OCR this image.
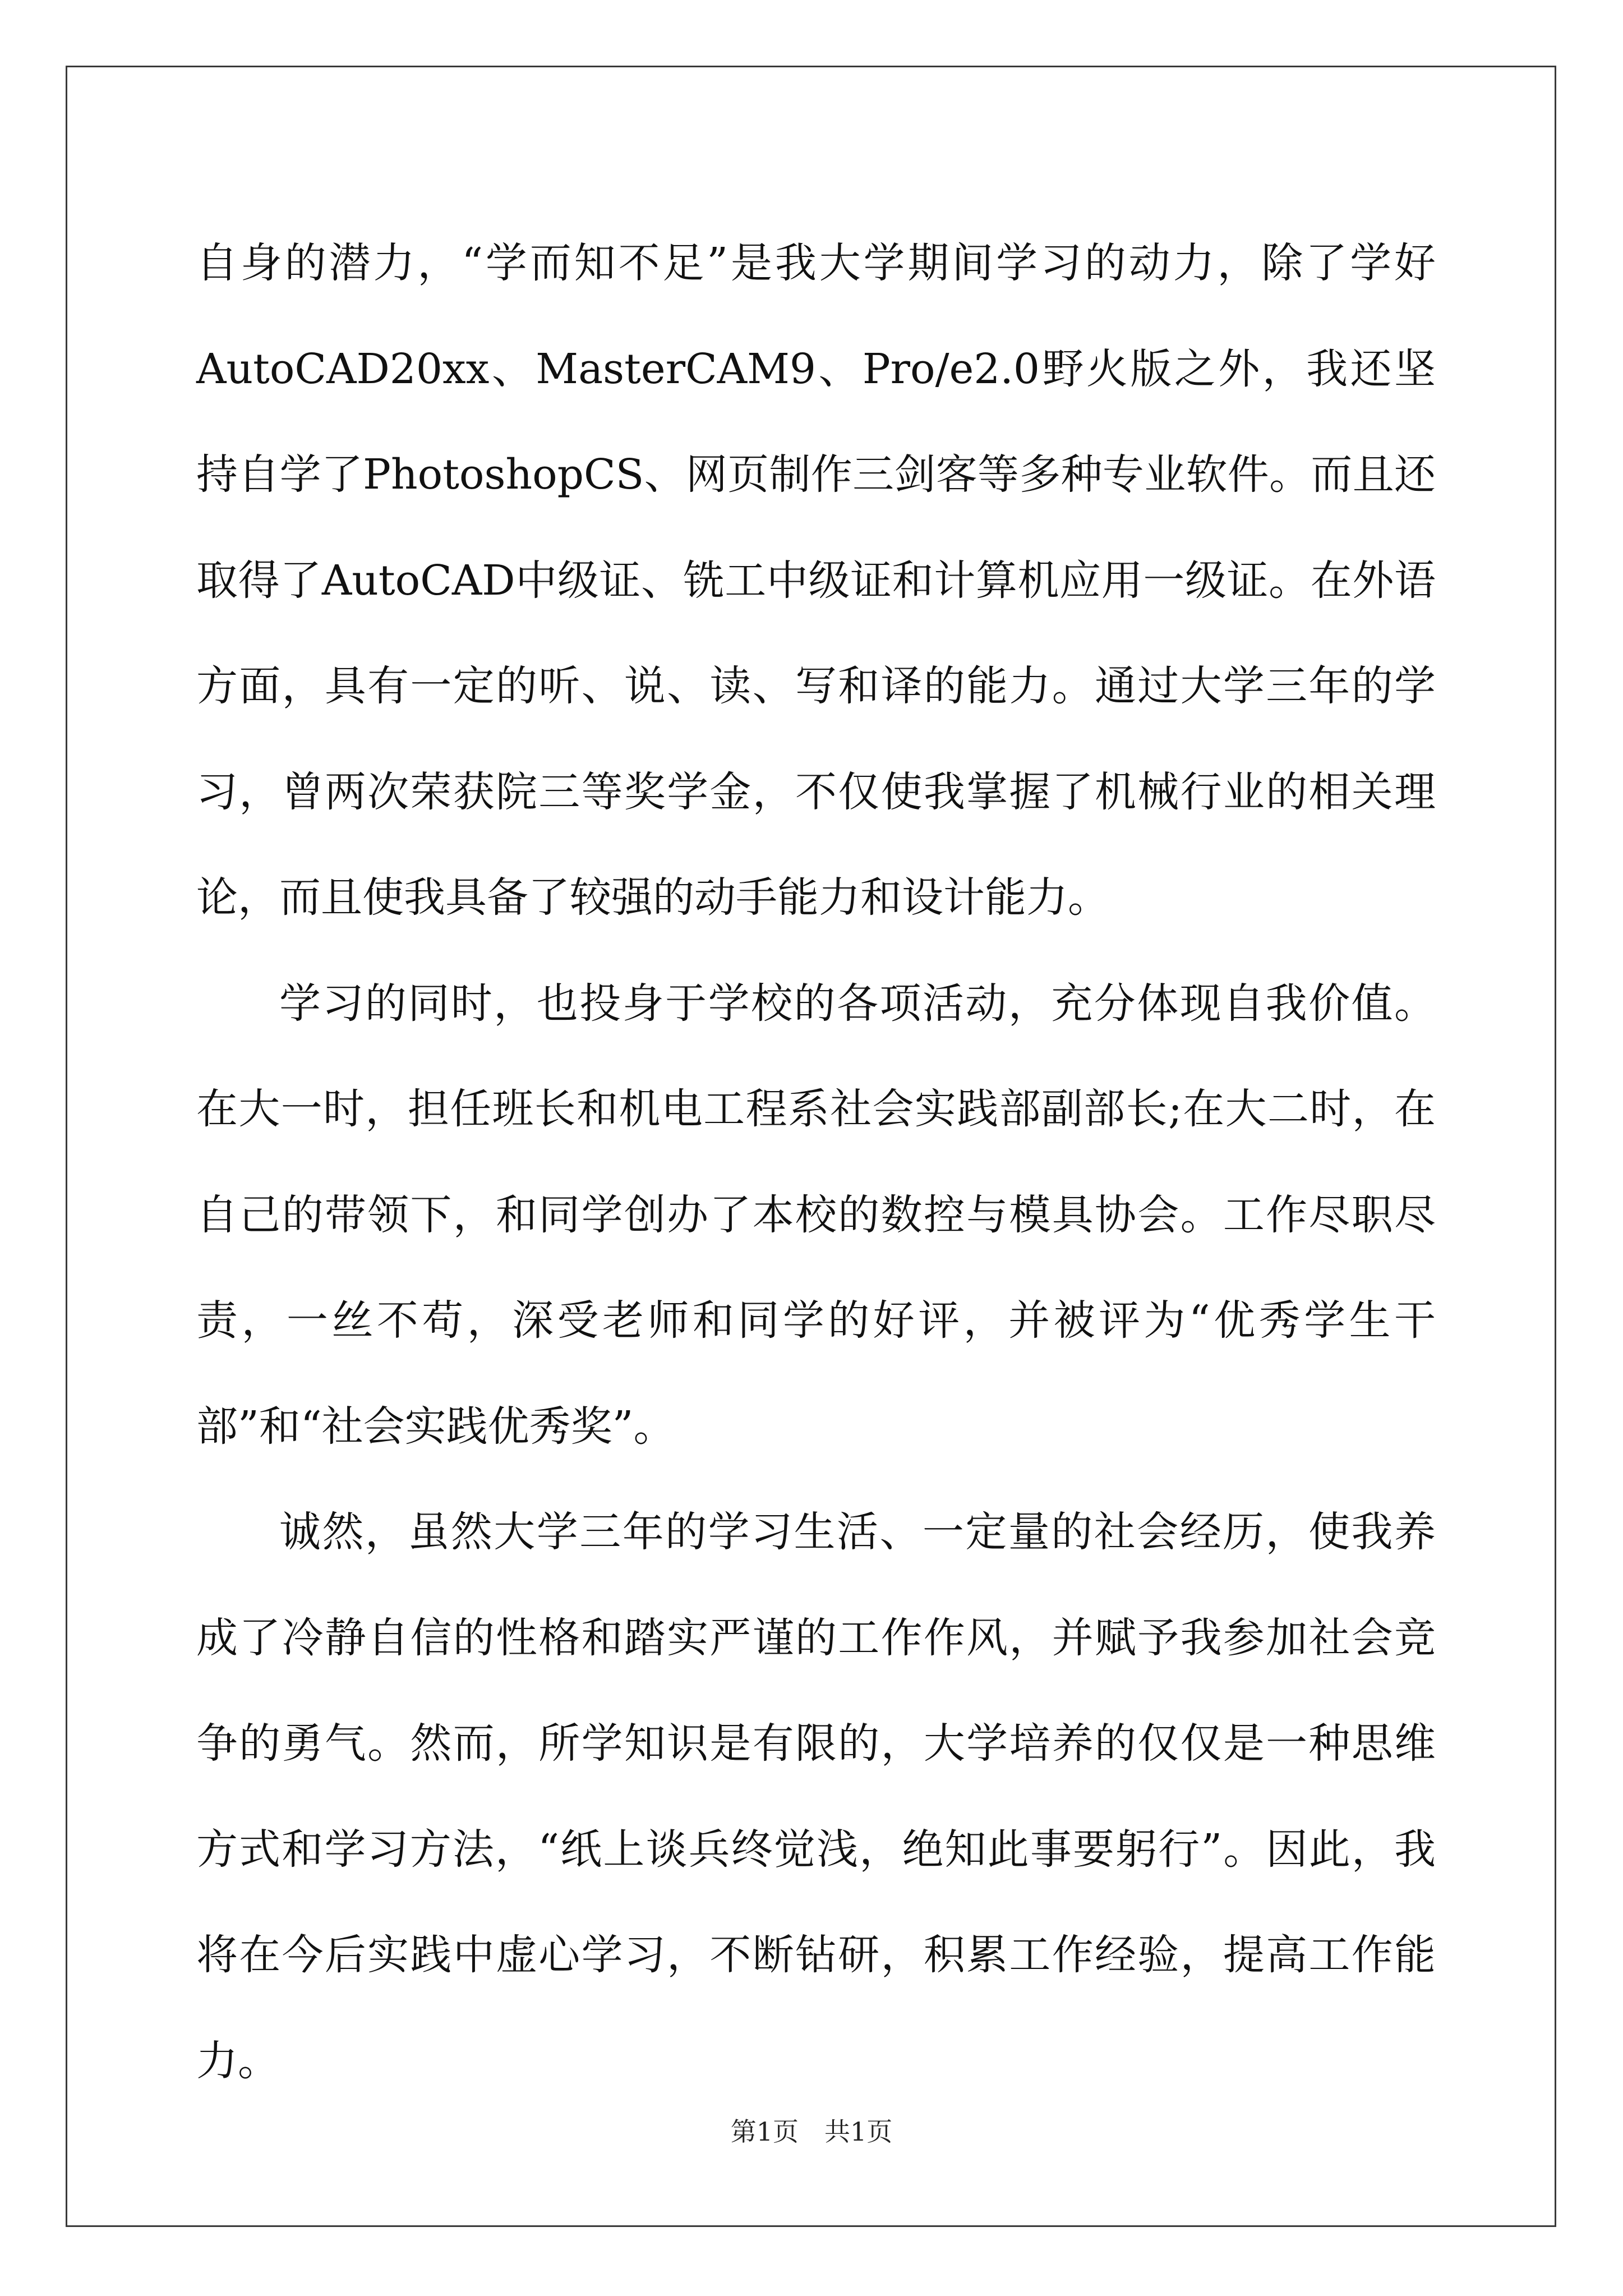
自身的潜力，“学而知不足”是我大学期间学习的动力，除了学好AutoCAD20xx、MasterCAM9、Pro/e2.0野火版之外，我还坚持自学了PhotoshopCS、网页制作三剑客等多种专业软件。而且还取得了AutoCAD中级证、铣工中级证和计算机应用一级证。在外语方面，具有一定的听、说、读、写和译的能力。通过大学三年的学习，曾两次荣获院三等奖学金，不仅使我掌握了机械行业的相关理论，而且使我具备了较强的动手能力和设计能力。

学习的同时，也投身于学校的各项活动，充分体现自我价值。在大一时，担任班长和机电工程系社会实践部副部长;在大二时，在自己的带领下，和同学创办了本校的数控与模具协会。工作尽职尽责，一丝不苟，深受老师和同学的好评，并被评为“优秀学生干部”和“社会实践优秀奖”。

诚然，虽然大学三年的学习生活、一定量的社会经历，使我养成了冷静自信的性格和踏实严谨的工作作风，并赋予我参加社会竞争的勇气。然而，所学知识是有限的，大学培养的仅仅是一种思维方式和学习方法，“纸上谈兵终觉浅，绝知此事要躬行”。因此，我将在今后实践中虚心学习，不断钻研，积累工作经验，提高工作能力。

第1页 共1页
